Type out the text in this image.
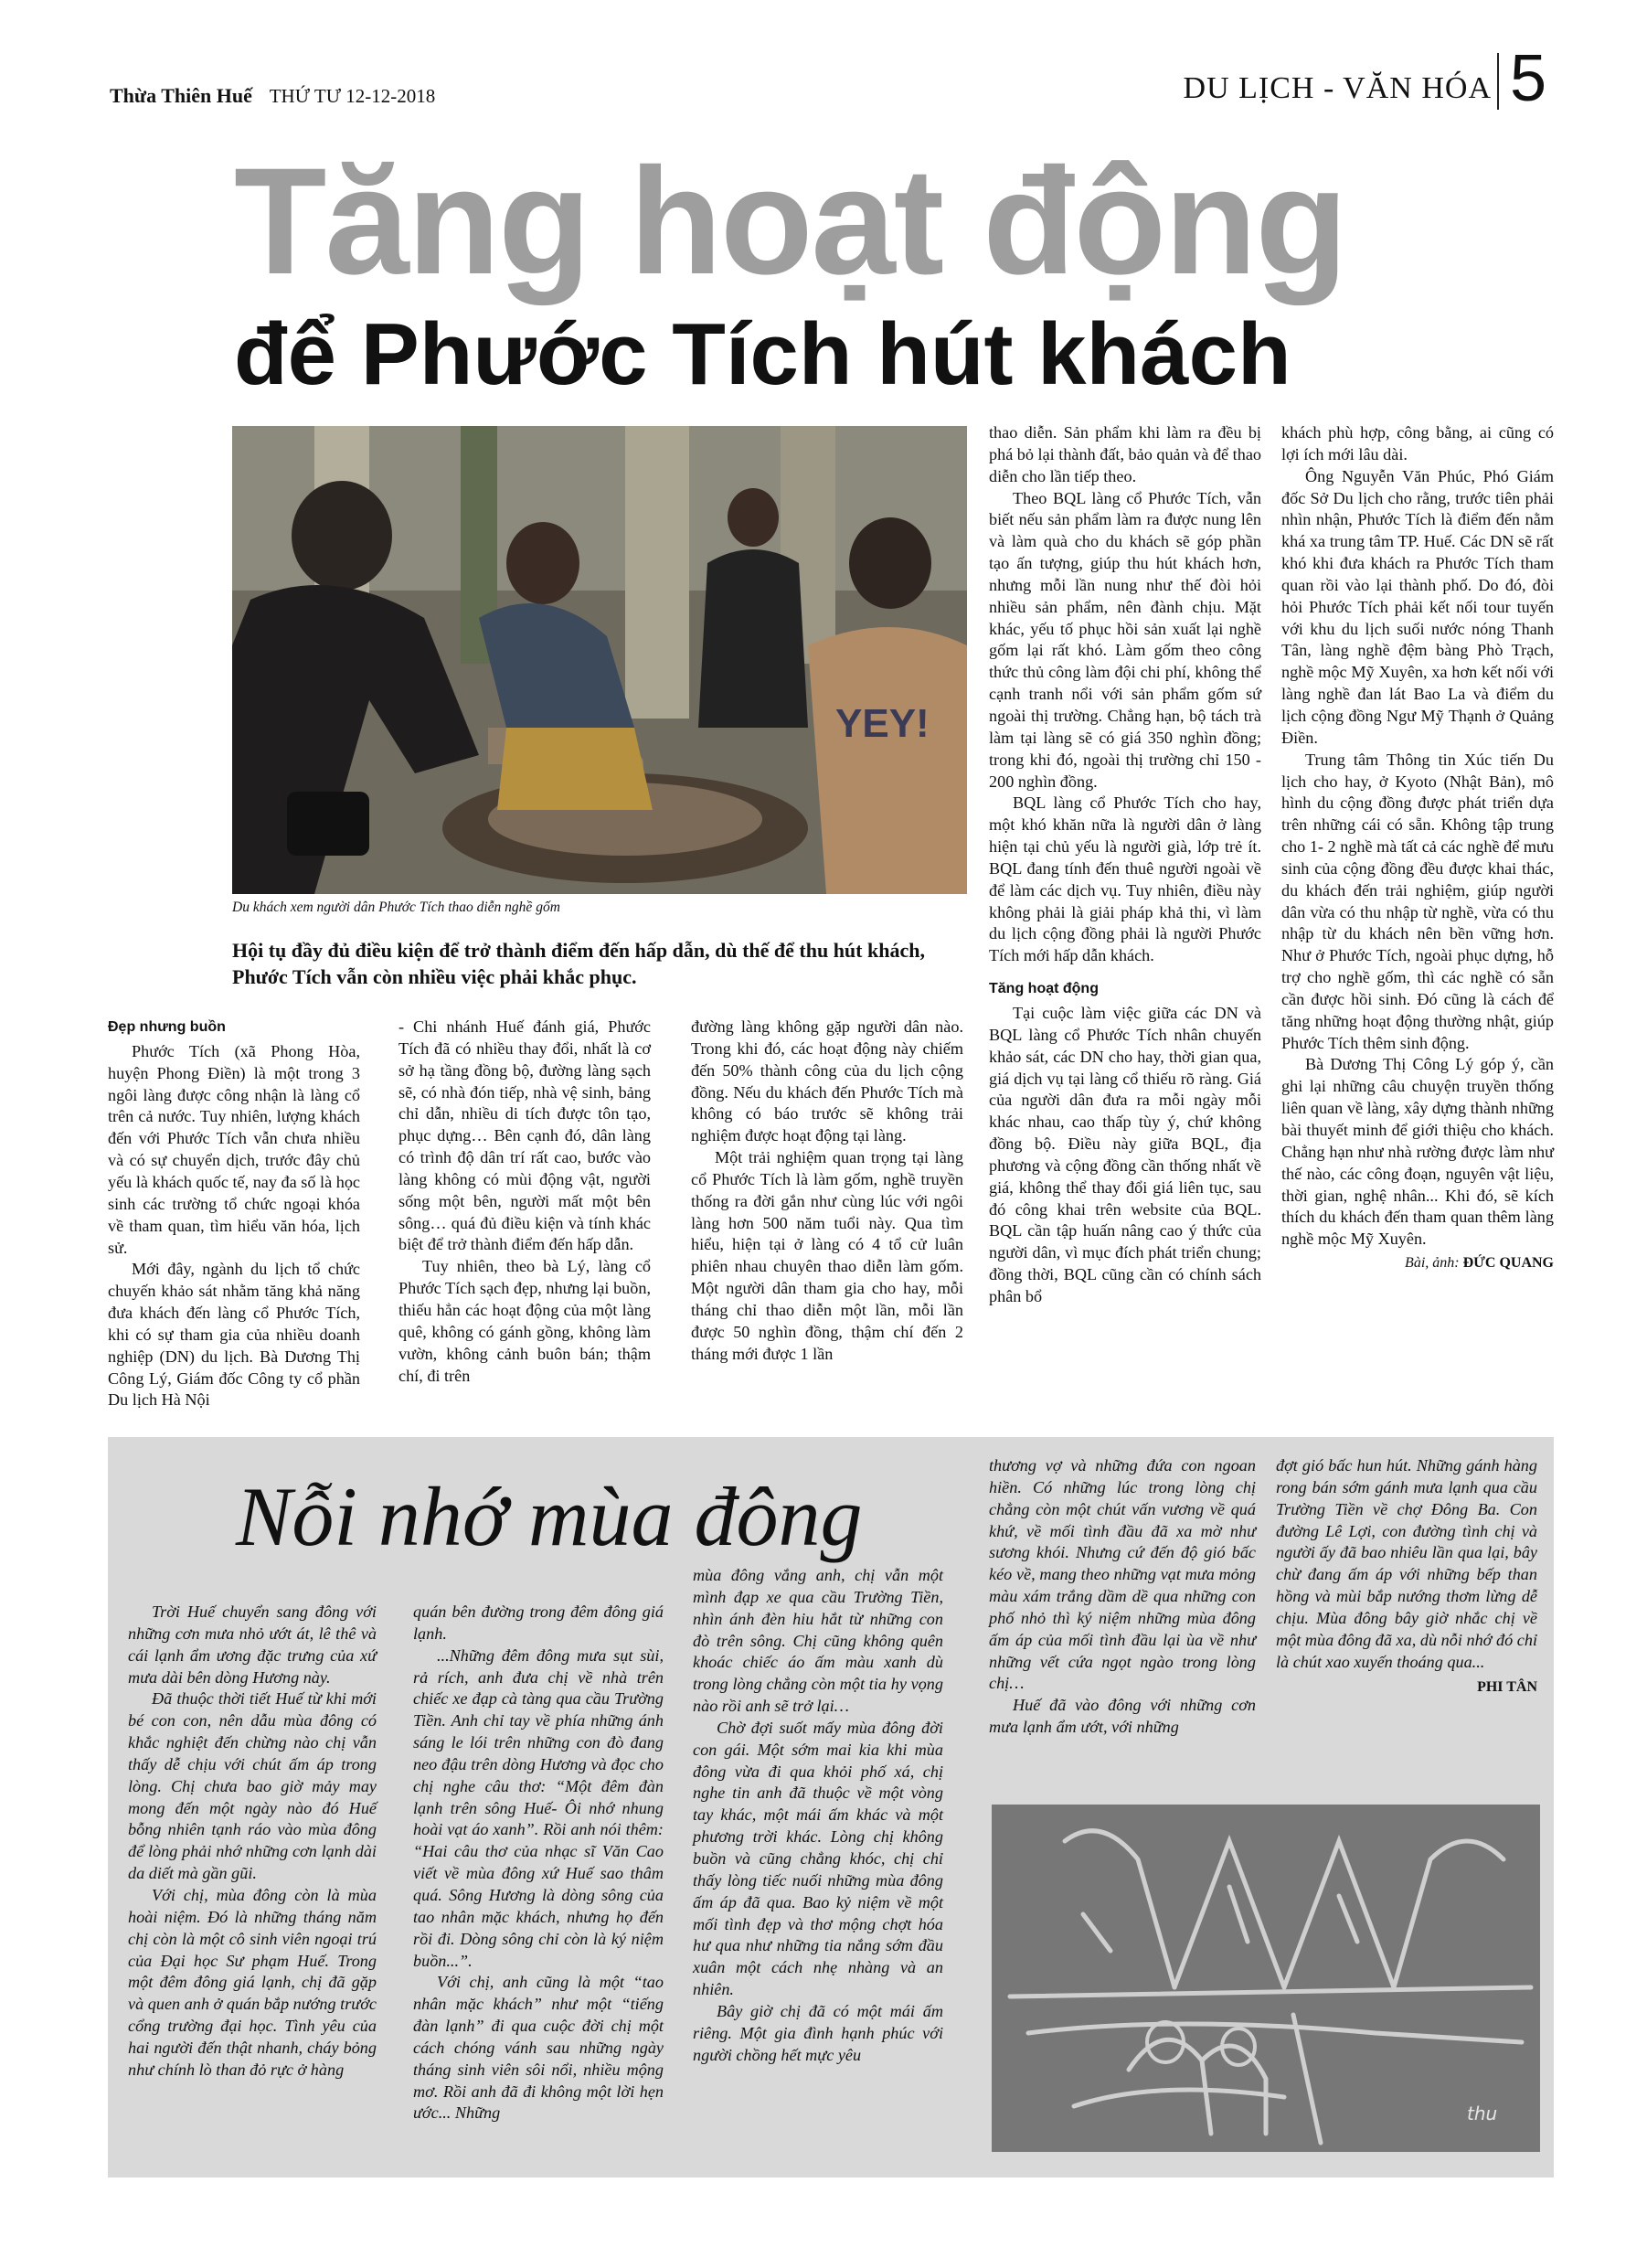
Thừa Thiên Huế THỨ TƯ 12-12-2018	DU LỊCH - VĂN HÓA 5
Tăng hoạt động
để Phước Tích hút khách
YEY!
Du khách xem người dân Phước Tích thao diễn nghề gốm
Hội tụ đầy đủ điều kiện để trở thành điểm đến hấp dẫn, dù thế để thu hút khách, Phước Tích vẫn còn nhiều việc phải khắc phục.

Đẹp nhưng buồn

Phước Tích (xã Phong Hòa, huyện Phong Điền) là một trong 3 ngôi làng được công nhận là làng cổ trên cả nước. Tuy nhiên, lượng khách đến với Phước Tích vẫn chưa nhiều và có sự chuyển dịch, trước đây chủ yếu là khách quốc tế, nay đa số là học sinh các trường tổ chức ngoại khóa về tham quan, tìm hiểu văn hóa, lịch sử.

Mới đây, ngành du lịch tổ chức chuyến khảo sát nhằm tăng khả năng đưa khách đến làng cổ Phước Tích, khi có sự tham gia của nhiều doanh nghiệp (DN) du lịch. Bà Dương Thị Công Lý, Giám đốc Công ty cổ phần Du lịch Hà Nội

- Chi nhánh Huế đánh giá, Phước Tích đã có nhiều thay đổi, nhất là cơ sở hạ tầng đồng bộ, đường làng sạch sẽ, có nhà đón tiếp, nhà vệ sinh, bảng chỉ dẫn, nhiều di tích được tôn tạo, phục dựng… Bên cạnh đó, dân làng có trình độ dân trí rất cao, bước vào làng không có mùi động vật, người sống một bên, người mất một bên sông… quá đủ điều kiện và tính khác biệt để trở thành điểm đến hấp dẫn.

Tuy nhiên, theo bà Lý, làng cổ Phước Tích sạch đẹp, nhưng lại buồn, thiếu hẳn các hoạt động của một làng quê, không có gánh gồng, không làm vườn, không cảnh buôn bán; thậm chí, đi trên

đường làng không gặp người dân nào. Trong khi đó, các hoạt động này chiếm đến 50% thành công của du lịch cộng đồng. Nếu du khách đến Phước Tích mà không có báo trước sẽ không trải nghiệm được hoạt động tại làng.

Một trải nghiệm quan trọng tại làng cổ Phước Tích là làm gốm, nghề truyền thống ra đời gắn như cùng lúc với ngôi làng hơn 500 năm tuổi này. Qua tìm hiểu, hiện tại ở làng có 4 tổ cử luân phiên nhau chuyên thao diễn làm gốm. Một người dân tham gia cho hay, mỗi tháng chỉ thao diễn một lần, mỗi lần được 50 nghìn đồng, thậm chí đến 2 tháng mới được 1 lần

thao diễn. Sản phẩm khi làm ra đều bị phá bỏ lại thành đất, bảo quản và để thao diễn cho lần tiếp theo.

Theo BQL làng cổ Phước Tích, vẫn biết nếu sản phẩm làm ra được nung lên và làm quà cho du khách sẽ góp phần tạo ấn tượng, giúp thu hút khách hơn, nhưng mỗi lần nung như thế đòi hỏi nhiều sản phẩm, nên đành chịu. Mặt khác, yếu tố phục hồi sản xuất lại nghề gốm lại rất khó. Làm gốm theo công thức thủ công làm đội chi phí, không thể cạnh tranh nổi với sản phẩm gốm sứ ngoài thị trường. Chẳng hạn, bộ tách trà làm tại làng sẽ có giá 350 nghìn đồng; trong khi đó, ngoài thị trường chỉ 150 - 200 nghìn đồng.

BQL làng cổ Phước Tích cho hay, một khó khăn nữa là người dân ở làng hiện tại chủ yếu là người già, lớp trẻ ít. BQL đang tính đến thuê người ngoài về để làm các dịch vụ. Tuy nhiên, điều này không phải là giải pháp khả thi, vì làm du lịch cộng đồng phải là người Phước Tích mới hấp dẫn khách.

Tăng hoạt động

Tại cuộc làm việc giữa các DN và BQL làng cổ Phước Tích nhân chuyến khảo sát, các DN cho hay, thời gian qua, giá dịch vụ tại làng cổ thiếu rõ ràng. Giá của người dân đưa ra mỗi ngày mỗi khác nhau, cao thấp tùy ý, chứ không đồng bộ. Điều này giữa BQL, địa phương và cộng đồng cần thống nhất về giá, không thể thay đổi giá liên tục, sau đó công khai trên website của BQL. BQL cần tập huấn nâng cao ý thức của người dân, vì mục đích phát triển chung; đồng thời, BQL cũng cần có chính sách phân bổ

khách phù hợp, công bằng, ai cũng có lợi ích mới lâu dài.

Ông Nguyễn Văn Phúc, Phó Giám đốc Sở Du lịch cho rằng, trước tiên phải nhìn nhận, Phước Tích là điểm đến nằm khá xa trung tâm TP. Huế. Các DN sẽ rất khó khi đưa khách ra Phước Tích tham quan rồi vào lại thành phố. Do đó, đòi hỏi Phước Tích phải kết nối tour tuyến với khu du lịch suối nước nóng Thanh Tân, làng nghề đệm bàng Phò Trạch, nghề mộc Mỹ Xuyên, xa hơn kết nối với làng nghề đan lát Bao La và điểm du lịch cộng đồng Ngư Mỹ Thạnh ở Quảng Điền.

Trung tâm Thông tin Xúc tiến Du lịch cho hay, ở Kyoto (Nhật Bản), mô hình du cộng đồng được phát triển dựa trên những cái có sẵn. Không tập trung cho 1- 2 nghề mà tất cả các nghề để mưu sinh của cộng đồng đều được khai thác, du khách đến trải nghiệm, giúp người dân vừa có thu nhập từ nghề, vừa có thu nhập từ du khách nên bền vững hơn. Như ở Phước Tích, ngoài phục dựng, hỗ trợ cho nghề gốm, thì các nghề có sẵn cần được hồi sinh. Đó cũng là cách để tăng những hoạt động thường nhật, giúp Phước Tích thêm sinh động.

Bà Dương Thị Công Lý góp ý, cần ghi lại những câu chuyện truyền thống liên quan về làng, xây dựng thành những bài thuyết minh để giới thiệu cho khách. Chẳng hạn như nhà rường được làm như thế nào, các công đoạn, nguyên vật liệu, thời gian, nghệ nhân... Khi đó, sẽ kích thích du khách đến tham quan thêm làng nghề mộc Mỹ Xuyên.

Bài, ảnh: ĐỨC QUANG
Nỗi nhớ mùa đông

Trời Huế chuyển sang đông với những cơn mưa nhỏ ướt át, lê thê và cái lạnh ẩm ương đặc trưng của xứ mưa dài bên dòng Hương này.

Đã thuộc thời tiết Huế từ khi mới bé con con, nên dẫu mùa đông có khắc nghiệt đến chừng nào chị vẫn thấy dễ chịu với chút ấm áp trong lòng. Chị chưa bao giờ mảy may mong đến một ngày nào đó Huế bỗng nhiên tạnh ráo vào mùa đông để lòng phải nhớ những cơn lạnh dài da diết mà gần gũi.

Với chị, mùa đông còn là mùa hoài niệm. Đó là những tháng năm chị còn là một cô sinh viên ngoại trú của Đại học Sư phạm Huế. Trong một đêm đông giá lạnh, chị đã gặp và quen anh ở quán bắp nướng trước cổng trường đại học. Tình yêu của hai người đến thật nhanh, cháy bỏng như chính lò than đỏ rực ở hàng

quán bên đường trong đêm đông giá lạnh.

...Những đêm đông mưa sụt sùi, rả rích, anh đưa chị về nhà trên chiếc xe đạp cà tàng qua cầu Trường Tiền. Anh chỉ tay về phía những ánh sáng le lói trên những con đò đang neo đậu trên dòng Hương và đọc cho chị nghe câu thơ: “Một đêm đàn lạnh trên sông Huế- Ôi nhớ nhung hoài vạt áo xanh”. Rồi anh nói thêm: “Hai câu thơ của nhạc sĩ Văn Cao viết về mùa đông xứ Huế sao thâm quá. Sông Hương là dòng sông của tao nhân mặc khách, nhưng họ đến rồi đi. Dòng sông chỉ còn là ký niệm buồn...”.

Với chị, anh cũng là một “tao nhân mặc khách” như một “tiếng đàn lạnh” đi qua cuộc đời chị một cách chóng vánh sau những ngày tháng sinh viên sôi nổi, nhiều mộng mơ. Rồi anh đã đi không một lời hẹn ước... Những

mùa đông vắng anh, chị vẫn một mình đạp xe qua cầu Trường Tiền, nhìn ánh đèn hiu hắt từ những con đò trên sông. Chị cũng không quên khoác chiếc áo ấm màu xanh dù trong lòng chẳng còn một tia hy vọng nào rồi anh sẽ trở lại…

Chờ đợi suốt mấy mùa đông đời con gái. Một sớm mai kia khi mùa đông vừa đi qua khỏi phố xá, chị nghe tin anh đã thuộc về một vòng tay khác, một mái ấm khác và một phương trời khác. Lòng chị không buồn và cũng chẳng khóc, chị chỉ thấy lòng tiếc nuối những mùa đông ấm áp đã qua. Bao kỷ niệm về một mối tình đẹp và thơ mộng chợt hóa hư qua như những tia nắng sớm đầu xuân một cách nhẹ nhàng và an nhiên.

Bây giờ chị đã có một mái ấm riêng. Một gia đình hạnh phúc với người chồng hết mực yêu

thương vợ và những đứa con ngoan hiền. Có những lúc trong lòng chị chẳng còn một chút vấn vương về quá khứ, về mối tình đầu đã xa mờ như sương khói. Nhưng cứ đến độ gió bấc kéo về, mang theo những vạt mưa mỏng màu xám trắng dầm dề qua những con phố nhỏ thì ký niệm những mùa đông ấm áp của mối tình đầu lại ùa về như những vết cứa ngọt ngào trong lòng chị…

Huế đã vào đông với những cơn mưa lạnh ẩm ướt, với những

đợt gió bấc hun hút. Những gánh hàng rong bán sớm gánh mưa lạnh qua cầu Trường Tiền về chợ Đông Ba. Con đường Lê Lợi, con đường tình chị và người ấy đã bao nhiêu lần qua lại, bây chừ đang ấm áp với những bếp than hồng và mùi bắp nướng thơm lừng dễ chịu. Mùa đông bây giờ nhắc chị về một mùa đông đã xa, dù nỗi nhớ đó chỉ là chút xao xuyến thoáng qua...

PHI TÂN
thu
